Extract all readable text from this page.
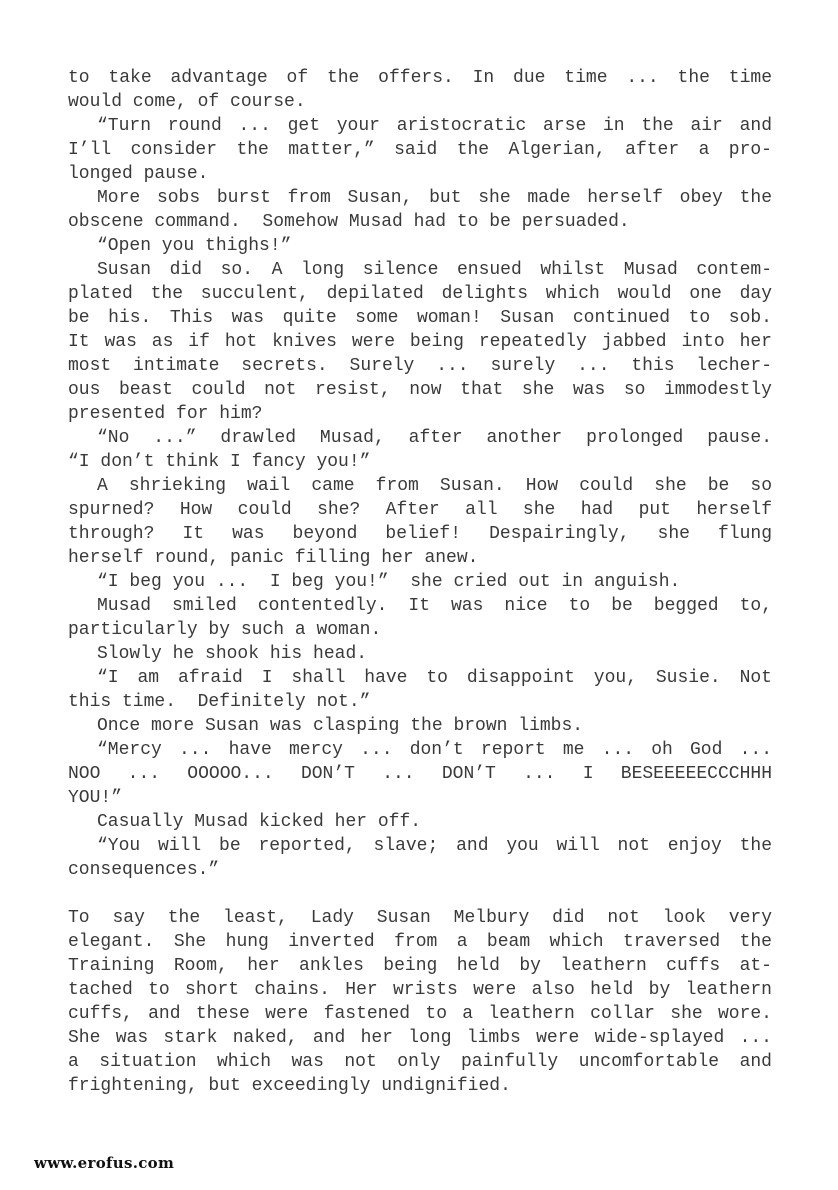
to take advantage of the offers. In due time ... the time
would come, of course.
“Turn round ... get your aristocratic arse in the air and
I’ll consider the matter,” said the Algerian, after a pro-
longed pause.
More sobs burst from Susan, but she made herself obey the
obscene command.  Somehow Musad had to be persuaded.
“Open you thighs!”
Susan did so. A long silence ensued whilst Musad contem-
plated the succulent, depilated delights which would one day
be his. This was quite some woman! Susan continued to sob.
It was as if hot knives were being repeatedly jabbed into her
most intimate secrets. Surely ... surely ... this lecher-
ous beast could not resist, now that she was so immodestly
presented for him?
“No ...” drawled Musad, after another prolonged pause.
“I don’t think I fancy you!”
A shrieking wail came from Susan. How could she be so
spurned? How could she? After all she had put herself
through? It was beyond belief! Despairingly, she flung
herself round, panic filling her anew.
“I beg you ...  I beg you!”  she cried out in anguish.
Musad smiled contentedly. It was nice to be begged to,
particularly by such a woman.
Slowly he shook his head.
“I am afraid I shall have to disappoint you, Susie. Not
this time.  Definitely not.”
Once more Susan was clasping the brown limbs.
“Mercy ... have mercy ... don’t report me ... oh God ...
NOO ... OOOOO... DON’T ... DON’T ... I BESEEEEECCCHHH
YOU!”
Casually Musad kicked her off.
“You will be reported, slave; and you will not enjoy the
consequences.”
To say the least, Lady Susan Melbury did not look very
elegant. She hung inverted from a beam which traversed the
Training Room, her ankles being held by leathern cuffs at-
tached to short chains. Her wrists were also held by leathern
cuffs, and these were fastened to a leathern collar she wore.
She was stark naked, and her long limbs were wide-splayed ...
a situation which was not only painfully uncomfortable and
frightening, but exceedingly undignified.
www.erofus.com
